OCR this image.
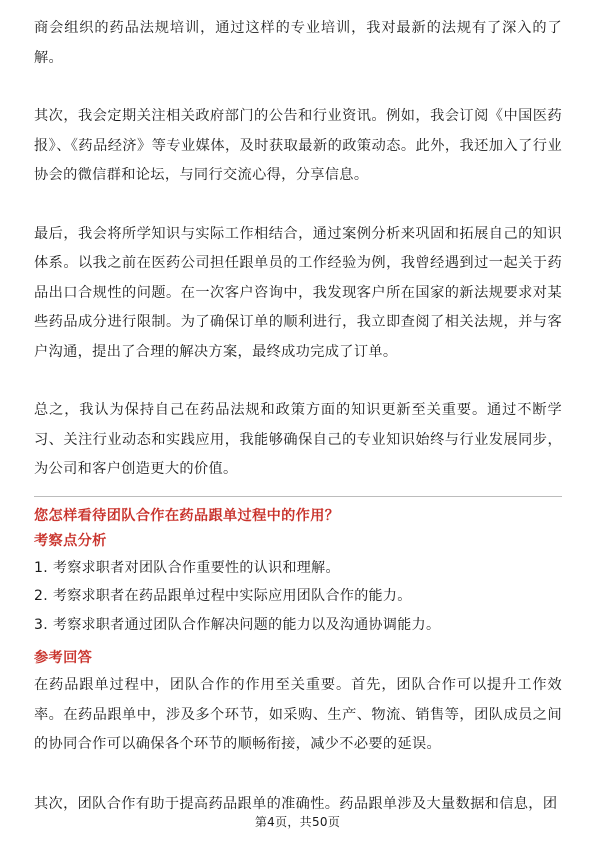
商会组织的药品法规培训，通过这样的专业培训，我对最新的法规有了深入的了解。

其次，我会定期关注相关政府部门的公告和行业资讯。例如，我会订阅《中国医药报》、《药品经济》等专业媒体，及时获取最新的政策动态。此外，我还加入了行业协会的微信群和论坛，与同行交流心得，分享信息。

最后，我会将所学知识与实际工作相结合，通过案例分析来巩固和拓展自己的知识体系。以我之前在医药公司担任跟单员的工作经验为例，我曾经遇到过一起关于药品出口合规性的问题。在一次客户咨询中，我发现客户所在国家的新法规要求对某些药品成分进行限制。为了确保订单的顺利进行，我立即查阅了相关法规，并与客户沟通，提出了合理的解决方案，最终成功完成了订单。

总之，我认为保持自己在药品法规和政策方面的知识更新至关重要。通过不断学习、关注行业动态和实践应用，我能够确保自己的专业知识始终与行业发展同步，为公司和客户创造更大的价值。

您怎样看待团队合作在药品跟单过程中的作用？

考察点分析

1. 考察求职者对团队合作重要性的认识和理解。

2. 考察求职者在药品跟单过程中实际应用团队合作的能力。

3. 考察求职者通过团队合作解决问题的能力以及沟通协调能力。

参考回答

在药品跟单过程中，团队合作的作用至关重要。首先，团队合作可以提升工作效率。在药品跟单中，涉及多个环节，如采购、生产、物流、销售等，团队成员之间的协同合作可以确保各个环节的顺畅衔接，减少不必要的延误。

其次，团队合作有助于提高药品跟单的准确性。药品跟单涉及大量数据和信息，团

第4页，共50页
